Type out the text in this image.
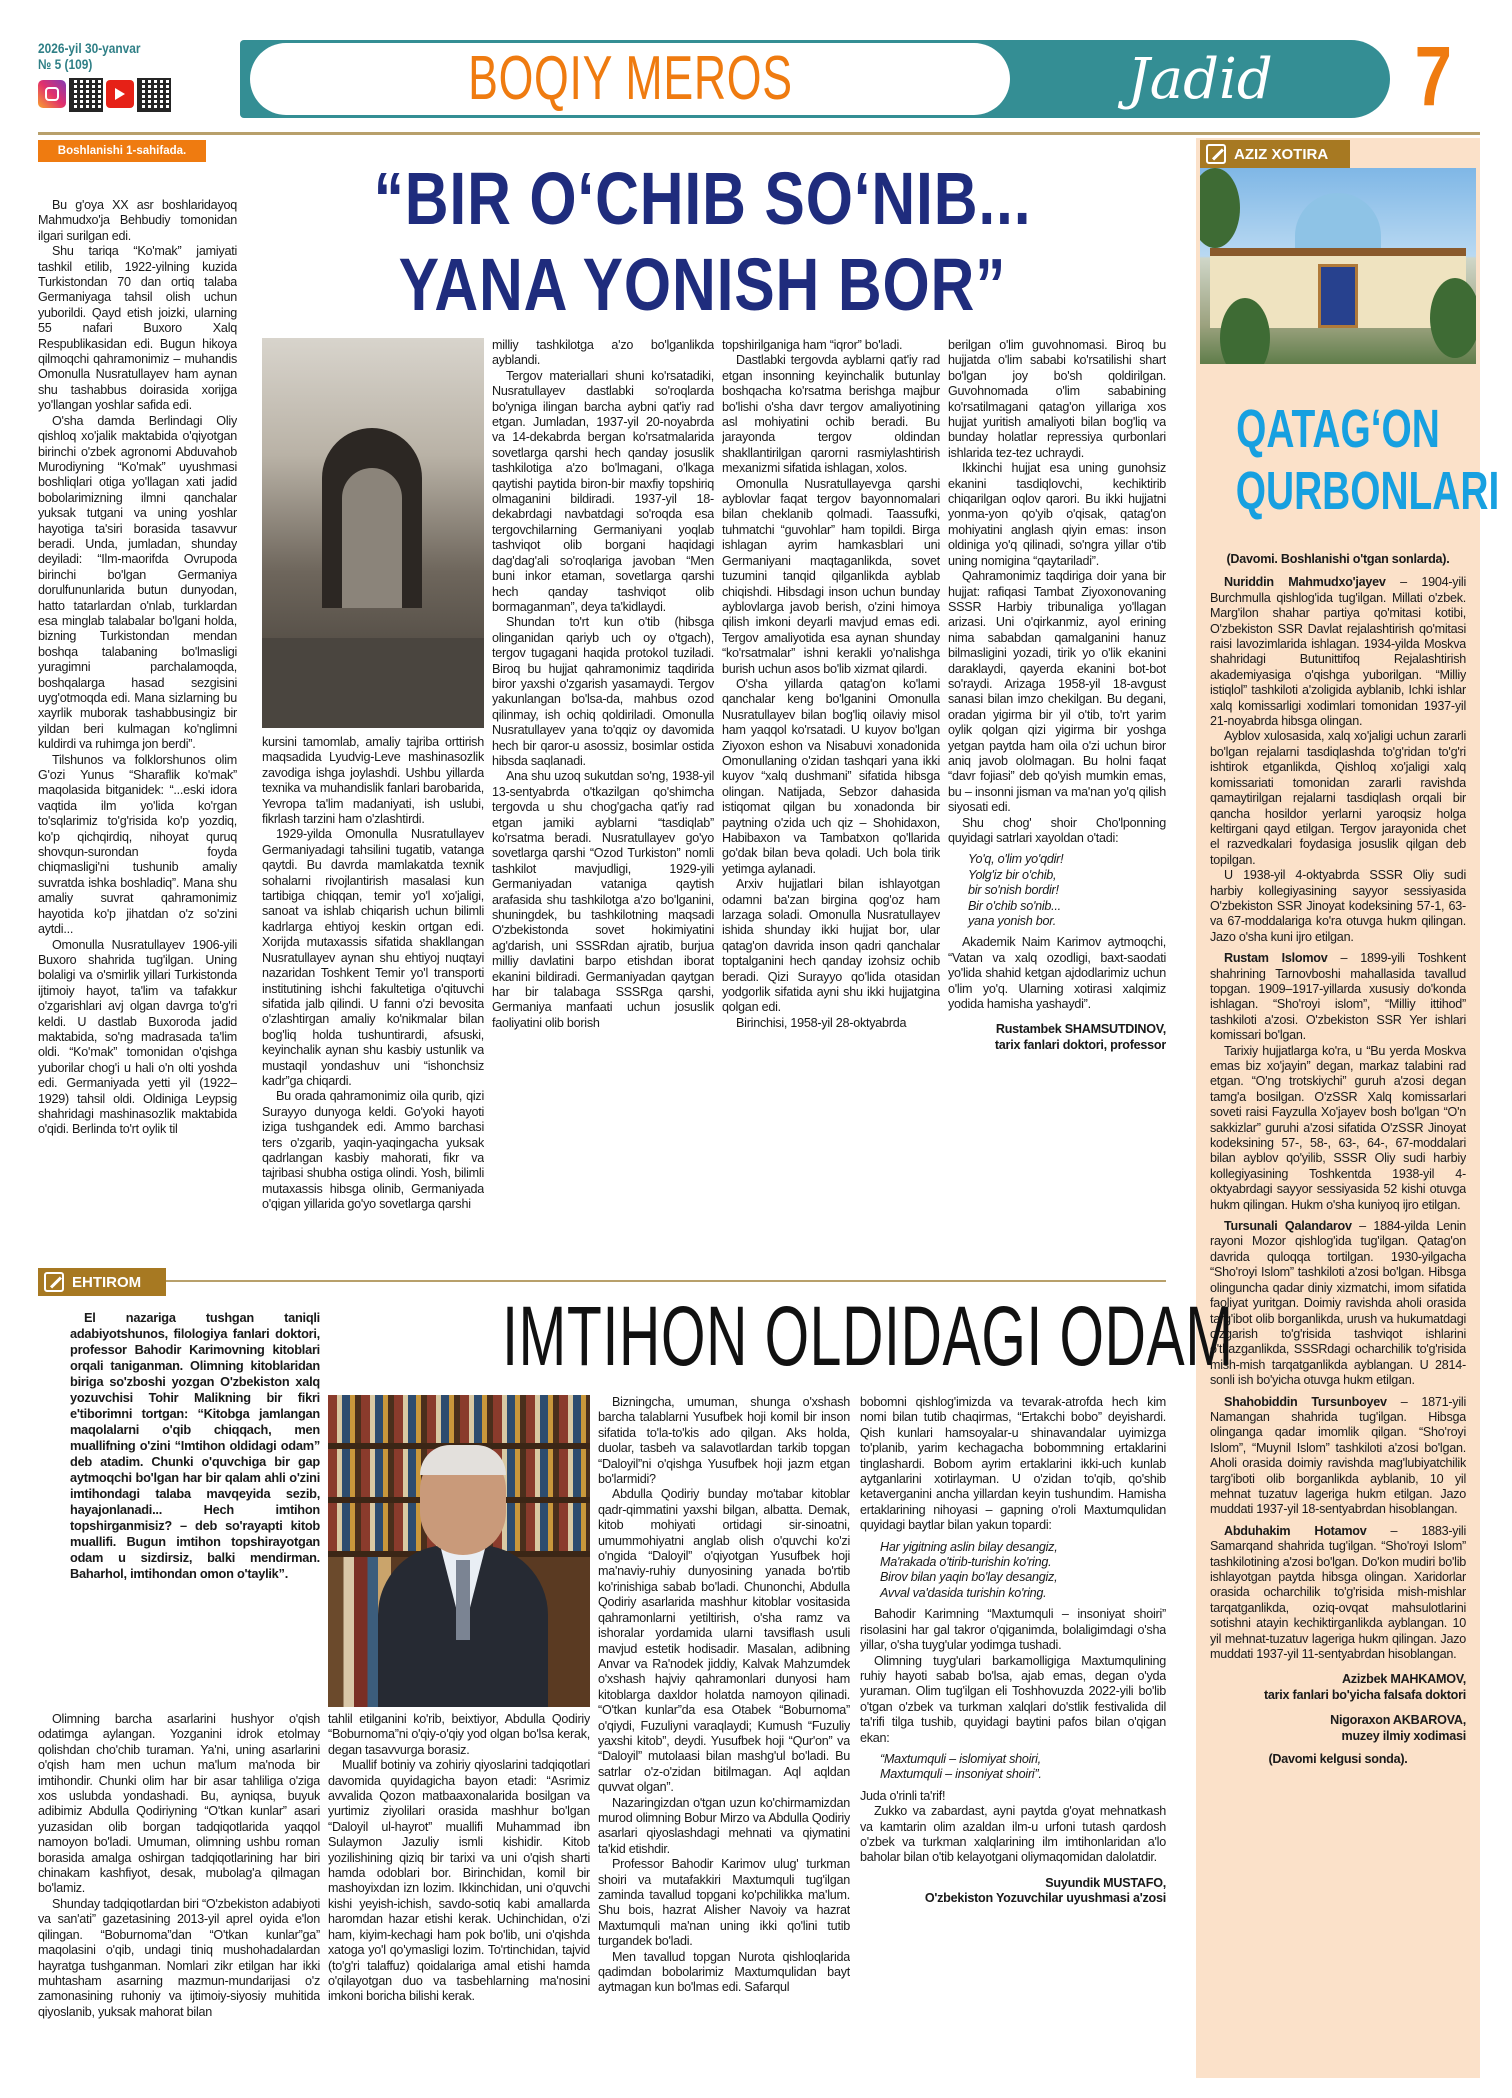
2026-yil 30-yanvar
№ 5 (109)	BOQIY MEROS	Jadid	7
Boshlanishi 1-sahifada.
“BIR O‘CHIB SO‘NIB...
YANA YONISH BOR”

Bu g'oya XX asr boshlaridayoq Mahmudxo'ja Behbudiy tomonidan ilgari surilgan edi.

Shu tariqa “Ko'mak” jamiyati tashkil etilib, 1922-yilning kuzida Turkistondan 70 dan ortiq talaba Germaniyaga tahsil olish uchun yuborildi. Qayd etish joizki, ularning 55 nafari Buxoro Xalq Respublikasidan edi. Bugun hikoya qilmoqchi qahramonimiz – muhandis Omonulla Nusratullayev ham aynan shu tashabbus doirasida xorijga yo'llangan yoshlar safida edi.

O'sha damda Berlindagi Oliy qishloq xo'jalik maktabida o'qiyotgan birinchi o'zbek agronomi Abduvahob Murodiyning “Ko'mak” uyushmasi boshliqlari otiga yo'llagan xati jadid bobolarimizning ilmni qanchalar yuksak tutgani va uning yoshlar hayotiga ta'siri borasida tasavvur beradi. Unda, jumladan, shunday deyiladi: “Ilm-maorifda Ovrupoda birinchi bo'lgan Germaniya dorulfununlarida butun dunyodan, hatto tatarlardan o'nlab, turklardan esa minglab talabalar bo'lgani holda, bizning Turkistondan mendan boshqa talabaning bo'lmasligi yuragimni parchalamoqda, boshqalarga hasad sezgisini uyg'otmoqda edi. Mana sizlarning bu xayrlik muborak tashabbusingiz bir yildan beri kulmagan ko'nglimni kuldirdi va ruhimga jon berdi”.

Tilshunos va folklorshunos olim G'ozi Yunus “Sharaflik ko'mak” maqolasida bitganidek: “...eski idora vaqtida ilm yo'lida ko'rgan to'sqlarimiz to'g'risida ko'p yozdiq, ko'p qichqirdiq, nihoyat quruq shovqun-surondan foyda chiqmasligi'ni tushunib amaliy suvratda ishka boshladiq”. Mana shu amaliy suvrat qahramonimiz hayotida ko'p jihatdan o'z so'zini aytdi...

Omonulla Nusratullayev 1906-yili Buxoro shahrida tug'ilgan. Uning bolaligi va o'smirlik yillari Turkistonda ijtimoiy hayot, ta'lim va tafakkur o'zgarishlari avj olgan davrga to'g'ri keldi. U dastlab Buxoroda jadid maktabida, so'ng madrasada ta'lim oldi. “Ko'mak” tomonidan o'qishga yuborilar chog'i u hali o'n olti yoshda edi. Germaniyada yetti yil (1922–1929) tahsil oldi. Oldiniga Leypsig shahridagi mashinasozlik maktabida o'qidi. Berlinda to'rt oylik til

kursini tamomlab, amaliy tajriba orttirish maqsadida Lyudvig-Leve mashinasozlik zavodiga ishga joylashdi. Ushbu yillarda texnika va muhandislik fanlari barobarida, Yevropa ta'lim madaniyati, ish uslubi, fikrlash tarzini ham o'zlashtirdi.

1929-yilda Omonulla Nusratullayev Germaniyadagi tahsilini tugatib, vatanga qaytdi. Bu davrda mamlakatda texnik sohalarni rivojlantirish masalasi kun tartibiga chiqqan, temir yo'l xo'jaligi, sanoat va ishlab chiqarish uchun bilimli kadrlarga ehtiyoj keskin ortgan edi. Xorijda mutaxassis sifatida shakllangan Nusratullayev aynan shu ehtiyoj nuqtayi nazaridan Toshkent Temir yo'l transporti institutining ishchi fakultetiga o'qituvchi sifatida jalb qilindi. U fanni o'zi bevosita o'zlashtirgan amaliy ko'nikmalar bilan bog'liq holda tushuntirardi, afsuski, keyinchalik aynan shu kasbiy ustunlik va mustaqil yondashuv uni “ishonchsiz kadr”ga chiqardi.

Bu orada qahramonimiz oila qurib, qizi Surayyo dunyoga keldi. Go'yoki hayoti iziga tushgandek edi. Ammo barchasi ters o'zgarib, yaqin-yaqingacha yuksak qadrlangan kasbiy mahorati, fikr va tajribasi shubha ostiga olindi. Yosh, bilimli mutaxassis hibsga olinib, Germaniyada o'qigan yillarida go'yo sovetlarga qarshi

milliy tashkilotga a'zo bo'lganlikda ayblandi.

Tergov materiallari shuni ko'rsatadiki, Nusratullayev dastlabki so'roqlarda bo'yniga ilingan barcha aybni qat'iy rad etgan. Jumladan, 1937-yil 20-noyabrda va 14-dekabrda bergan ko'rsatmalarida sovetlarga qarshi hech qanday josuslik tashkilotiga a'zo bo'lmagani, o'lkaga qaytishi paytida biron-bir maxfiy topshiriq olmaganini bildiradi. 1937-yil 18-dekabrdagi navbatdagi so'roqda esa tergovchilarning Germaniyani yoqlab tashviqot olib borgani haqidagi dag'dag'ali so'roqlariga javoban “Men buni inkor etaman, sovetlarga qarshi hech qanday tashviqot olib bormaganman”, deya ta'kidlaydi.

Shundan to'rt kun o'tib (hibsga olinganidan qariyb uch oy o'tgach), tergov tugagani haqida protokol tuziladi. Biroq bu hujjat qahramonimiz taqdirida biror yaxshi o'zgarish yasamaydi. Tergov yakunlangan bo'lsa-da, mahbus ozod qilinmay, ish ochiq qoldiriladi. Omonulla Nusratullayev yana to'qqiz oy davomida hech bir qaror-u asossiz, bosimlar ostida hibsda saqlanadi.

Ana shu uzoq sukutdan so'ng, 1938-yil 13-sentyabrda o'tkazilgan qo'shimcha tergovda u shu chog'gacha qat'iy rad etgan jamiki ayblarni “tasdiqlab” ko'rsatma beradi. Nusratullayev go'yo sovetlarga qarshi “Ozod Turkiston” nomli tashkilot mavjudligi, 1929-yili Germaniyadan vataniga qaytish arafasida shu tashkilotga a'zo bo'lganini, shuningdek, bu tashkilotning maqsadi O'zbekistonda sovet hokimiyatini ag'darish, uni SSSRdan ajratib, burjua milliy davlatini barpo etishdan iborat ekanini bildiradi. Germaniyadan qaytgan har bir talabaga SSSRga qarshi, Germaniya manfaati uchun josuslik faoliyatini olib borish

topshirilganiga ham “iqror” bo'ladi.

Dastlabki tergovda ayblarni qat'iy rad etgan insonning keyinchalik butunlay boshqacha ko'rsatma berishga majbur bo'lishi o'sha davr tergov amaliyotining asl mohiyatini ochib beradi. Bu jarayonda tergov oldindan shakllantirilgan qarorni rasmiylashtirish mexanizmi sifatida ishlagan, xolos.

Omonulla Nusratullayevga qarshi ayblovlar faqat tergov bayonnomalari bilan cheklanib qolmadi. Taassufki, tuhmatchi “guvohlar” ham topildi. Birga ishlagan ayrim hamkasblari uni Germaniyani maqtaganlikda, sovet tuzumini tanqid qilganlikda ayblab chiqishdi. Hibsdagi inson uchun bunday ayblovlarga javob berish, o'zini himoya qilish imkoni deyarli mavjud emas edi. Tergov amaliyotida esa aynan shunday “ko'rsatmalar” ishni kerakli yo'nalishga burish uchun asos bo'lib xizmat qilardi.

O'sha yillarda qatag'on ko'lami qanchalar keng bo'lganini Omonulla Nusratullayev bilan bog'liq oilaviy misol ham yaqqol ko'rsatadi. U kuyov bo'lgan Ziyoxon eshon va Nisabuvi xonadonida Omonullaning o'zidan tashqari yana ikki kuyov “xalq dushmani” sifatida hibsga olingan. Natijada, Sebzor dahasida istiqomat qilgan bu xonadonda bir paytning o'zida uch qiz – Shohidaxon, Habibaxon va Tambatxon qo'llarida go'dak bilan beva qoladi. Uch bola tirik yetimga aylanadi.

Arxiv hujjatlari bilan ishlayotgan odamni ba'zan birgina qog'oz ham larzaga soladi. Omonulla Nusratullayev ishida shunday ikki hujjat bor, ular qatag'on davrida inson qadri qanchalar toptalganini hech qanday izohsiz ochib beradi. Qizi Surayyo qo'lida otasidan yodgorlik sifatida ayni shu ikki hujjatgina qolgan edi.

Birinchisi, 1958-yil 28-oktyabrda

berilgan o'lim guvohnomasi. Biroq bu hujjatda o'lim sababi ko'rsatilishi shart bo'lgan joy bo'sh qoldirilgan. Guvohnomada o'lim sababining ko'rsatilmagani qatag'on yillariga xos hujjat yuritish amaliyoti bilan bog'liq va bunday holatlar repressiya qurbonlari ishlarida tez-tez uchraydi.

Ikkinchi hujjat esa uning gunohsiz ekanini tasdiqlovchi, kechiktirib chiqarilgan oqlov qarori. Bu ikki hujjatni yonma-yon qo'yib o'qisak, qatag'on mohiyatini anglash qiyin emas: inson oldiniga yo'q qilinadi, so'ngra yillar o'tib uning nomigina “qaytariladi”.

Qahramonimiz taqdiriga doir yana bir hujjat: rafiqasi Tambat Ziyoxonovaning SSSR Harbiy tribunaliga yo'llagan arizasi. Uni o'qirkanmiz, ayol erining nima sababdan qamalganini hanuz bilmasligini yozadi, tirik yo o'lik ekanini daraklaydi, qayerda ekanini bot-bot so'raydi. Arizaga 1958-yil 18-avgust sanasi bilan imzo chekilgan. Bu degani, oradan yigirma bir yil o'tib, to'rt yarim oylik qolgan qizi yigirma bir yoshga yetgan paytda ham oila o'zi uchun biror aniq javob ololmagan. Bu holni faqat “davr fojiasi” deb qo'yish mumkin emas, bu – insonni jisman va ma'nan yo'q qilish siyosati edi.

Shu chog' shoir Cho'lponning quyidagi satrlari xayoldan o'tadi:

Yo'q, o'lim yo'qdir!
Yolg'iz bir o'chib,
bir so'nish bordir!
Bir o'chib so'nib...
yana yonish bor.

Akademik Naim Karimov aytmoqchi, “Vatan va xalq ozodligi, baxt-saodati yo'lida shahid ketgan ajdodlarimiz uchun o'lim yo'q. Ularning xotirasi xalqimiz yodida hamisha yashaydi”.

Rustambek SHAMSUTDINOV,
tarix fanlari doktori, professor

AZIZ XOTIRA
QATAG‘ON
QURBONLARI

(Davomi. Boshlanishi o'tgan sonlarda).

Nuriddin Mahmudxo'jayev – 1904-yili Burchmulla qishlog'ida tug'ilgan. Millati o'zbek. Marg'ilon shahar partiya qo'mitasi kotibi, O'zbekiston SSR Davlat rejalashtirish qo'mitasi raisi lavozimlarida ishlagan. 1934-yilda Moskva shahridagi Butunittifoq Rejalashtirish akademiyasiga o'qishga yuborilgan. “Milliy istiqlol” tashkiloti a'zoligida ayblanib, Ichki ishlar xalq komissarligi xodimlari tomonidan 1937-yil 21-noyabrda hibsga olingan.

Ayblov xulosasida, xalq xo'jaligi uchun zararli bo'lgan rejalarni tasdiqlashda to'g'ridan to'g'ri ishtirok etganlikda, Qishloq xo'jaligi xalq komissariati tomonidan zararli ravishda qamaytirilgan rejalarni tasdiqlash orqali bir qancha hosildor yerlarni yaroqsiz holga keltirgani qayd etilgan. Tergov jarayonida chet el razvedkalari foydasiga josuslik qilgan deb topilgan.

U 1938-yil 4-oktyabrda SSSR Oliy sudi harbiy kollegiyasining sayyor sessiyasida O'zbekiston SSR Jinoyat kodeksining 57-1, 63- va 67-moddalariga ko'ra otuvga hukm qilingan. Jazo o'sha kuni ijro etilgan.

Rustam Islomov – 1899-yili Toshkent shahrining Tarnovboshi mahallasida tavallud topgan. 1909–1917-yillarda xususiy do'konda ishlagan. “Sho'royi islom”, “Milliy ittihod” tashkiloti a'zosi. O'zbekiston SSR Yer ishlari komissari bo'lgan.

Tarixiy hujjatlarga ko'ra, u “Bu yerda Moskva emas biz xo'jayin” degan, markaz talabini rad etgan. “O'ng trotskiychi” guruh a'zosi degan tamg'a bosilgan. O'zSSR Xalq komissarlari soveti raisi Fayzulla Xo'jayev bosh bo'lgan “O'n sakkizlar” guruhi a'zosi sifatida O'zSSR Jinoyat kodeksining 57-, 58-, 63-, 64-, 67-moddalari bilan ayblov qo'yilib, SSSR Oliy sudi harbiy kollegiyasining Toshkentda 1938-yil 4-oktyabrdagi sayyor sessiyasida 52 kishi otuvga hukm qilingan. Hukm o'sha kuniyoq ijro etilgan.

Tursunali Qalandarov – 1884-yilda Lenin rayoni Mozor qishlog'ida tug'ilgan. Qatag'on davrida quloqqa tortilgan. 1930-yilgacha “Sho'royi Islom” tashkiloti a'zosi bo'lgan. Hibsga olinguncha qadar diniy xizmatchi, imom sifatida faoliyat yuritgan. Doimiy ravishda aholi orasida targ'ibot olib borganlikda, urush va hukumatdagi o'zgarish to'g'risida tashviqot ishlarini o'tkazganlikda, SSSRdagi ocharchilik to'g'risida mish-mish tarqatganlikda ayblangan. U 2814-sonli ish bo'yicha otuvga hukm etilgan.

Shahobiddin Tursunboyev – 1871-yili Namangan shahrida tug'ilgan. Hibsga olinganga qadar imomlik qilgan. “Sho'royi Islom”, “Muynil Islom” tashkiloti a'zosi bo'lgan. Aholi orasida doimiy ravishda mag'lubiyatchilik targ'iboti olib borganlikda ayblanib, 10 yil mehnat tuzatuv lageriga hukm etilgan. Jazo muddati 1937-yil 18-sentyabrdan hisoblangan.

Abduhakim Hotamov – 1883-yili Samarqand shahrida tug'ilgan. “Sho'royi Islom” tashkilotining a'zosi bo'lgan. Do'kon mudiri bo'lib ishlayotgan paytda hibsga olingan. Xaridorlar orasida ocharchilik to'g'risida mish-mishlar tarqatganlikda, oziq-ovqat mahsulotlarini sotishni atayin kechiktirganlikda ayblangan. 10 yil mehnat-tuzatuv lageriga hukm qilingan. Jazo muddati 1937-yil 11-sentyabrdan hisoblangan.

Azizbek MAHKAMOV,
tarix fanlari bo'yicha falsafa doktori

Nigoraxon AKBAROVA,
muzey ilmiy xodimasi

(Davomi kelgusi sonda).

EHTIROM
IMTIHON OLDIDAGI ODAM

El nazariga tushgan taniqli adabiyotshunos, filologiya fanlari doktori, professor Bahodir Karimovning kitoblari orqali taniganman. Olimning kitoblaridan biriga so'zboshi yozgan O'zbekiston xalq yozuvchisi Tohir Malikning bir fikri e'tiborimni tortgan: “Kitobga jamlangan maqolalarni o'qib chiqqach, men muallifning o'zini “Imtihon oldidagi odam” deb atadim. Chunki o'quvchiga bir gap aytmoqchi bo'lgan har bir qalam ahli o'zini imtihondagi talaba mavqeyida sezib, hayajonlanadi... Hech imtihon topshirganmisiz? – deb so'rayapti kitob muallifi. Bugun imtihon topshirayotgan odam u sizdirsiz, balki mendirman. Baharhol, imtihondan omon o'taylik”.

Olimning barcha asarlarini hushyor o'qish odatimga aylangan. Yozganini idrok etolmay qolishdan cho'chib turaman. Ya'ni, uning asarlarini o'qish ham men uchun ma'lum ma'noda bir imtihondir. Chunki olim har bir asar tahliliga o'ziga xos uslubda yondashadi. Bu, ayniqsa, buyuk adibimiz Abdulla Qodiriyning “O'tkan kunlar” asari yuzasidan olib borgan tadqiqotlarida yaqqol namoyon bo'ladi. Umuman, olimning ushbu roman borasida amalga oshirgan tadqiqotlarining har biri chinakam kashfiyot, desak, mubolag'a qilmagan bo'lamiz.

Shunday tadqiqotlardan biri “O'zbekiston adabiyoti va san'ati” gazetasining 2013-yil aprel oyida e'lon qilingan. “Boburnoma”dan “O'tkan kunlar”ga” maqolasini o'qib, undagi tiniq mushohadalardan hayratga tushganman. Nomlari zikr etilgan har ikki muhtasham asarning mazmun-mundarijasi o'z zamonasining ruhoniy va ijtimoiy-siyosiy muhitida qiyoslanib, yuksak mahorat bilan

tahlil etilganini ko'rib, beixtiyor, Abdulla Qodiriy “Boburnoma”ni o'qiy-o'qiy yod olgan bo'lsa kerak, degan tasavvurga borasiz.

Muallif botiniy va zohiriy qiyoslarini tadqiqotlari davomida quyidagicha bayon etadi: “Asrimiz avvalida Qozon matbaaxonalarida bosilgan va yurtimiz ziyolilari orasida mashhur bo'lgan “Daloyil ul-hayrot” muallifi Muhammad ibn Sulaymon Jazuliy ismli kishidir. Kitob yozilishining qiziq bir tarixi va uni o'qish sharti hamda odoblari bor. Birinchidan, komil bir mashoyixdan izn lozim. Ikkinchidan, uni o'quvchi kishi yeyish-ichish, savdo-sotiq kabi amallarda haromdan hazar etishi kerak. Uchinchidan, o'zi ham, kiyim-kechagi ham pok bo'lib, uni o'qishda xatoga yo'l qo'ymasligi lozim. To'rtinchidan, tajvid (to'g'ri talaffuz) qoidalariga amal etishi hamda o'qilayotgan duo va tasbehlarning ma'nosini imkoni boricha bilishi kerak.

Bizningcha, umuman, shunga o'xshash barcha talablarni Yusufbek hoji komil bir inson sifatida to'la-to'kis ado qilgan. Aks holda, duolar, tasbeh va salavotlardan tarkib topgan “Daloyil”ni o'qishga Yusufbek hoji jazm etgan bo'larmidi?

Abdulla Qodiriy bunday mo'tabar kitoblar qadr-qimmatini yaxshi bilgan, albatta. Demak, kitob mohiyati ortidagi sir-sinoatni, umummohiyatni anglab olish o'quvchi ko'zi o'ngida “Daloyil” o'qiyotgan Yusufbek hoji ma'naviy-ruhiy dunyosining yanada bo'rtib ko'rinishiga sabab bo'ladi. Chunonchi, Abdulla Qodiriy asarlarida mashhur kitoblar vositasida qahramonlarni yetiltirish, o'sha ramz va ishoralar yordamida ularni tavsiflash usuli mavjud estetik hodisadir. Masalan, adibning Anvar va Ra'nodek jiddiy, Kalvak Mahzumdek o'xshash hajviy qahramonlari dunyosi ham kitoblarga daxldor holatda namoyon qilinadi. “O'tkan kunlar”da esa Otabek “Boburnoma” o'qiydi, Fuzuliyni varaqlaydi; Kumush “Fuzuliy yaxshi kitob”, deydi. Yusufbek hoji “Qur'on” va “Daloyil” mutolaasi bilan mashg'ul bo'ladi. Bu satrlar o'z-o'zidan bitilmagan. Aql aqldan quvvat olgan”.

Nazaringizdan o'tgan uzun ko'chirmamizdan murod olimning Bobur Mirzo va Abdulla Qodiriy asarlari qiyoslashdagi mehnati va qiymatini ta'kid etishdir.

Professor Bahodir Karimov ulug' turkman shoiri va mutafakkiri Maxtumquli tug'ilgan zaminda tavallud topgani ko'pchilikka ma'lum. Shu bois, hazrat Alisher Navoiy va hazrat Maxtumquli ma'nan uning ikki qo'lini tutib turgandek bo'ladi.

Men tavallud topgan Nurota qishloqlarida qadimdan bobolarimiz Maxtumqulidan bayt aytmagan kun bo'lmas edi. Safarqul

bobomni qishlog'imizda va tevarak-atrofda hech kim nomi bilan tutib chaqirmas, “Ertakchi bobo” deyishardi. Qish kunlari hamsoyalar-u shinavandalar uyimizga to'planib, yarim kechagacha bobommning ertaklarini tinglashardi. Bobom ayrim ertaklarini ikki-uch kunlab aytganlarini xotirlayman. U o'zidan to'qib, qo'shib ketaverganini ancha yillardan keyin tushundim. Hamisha ertaklarining nihoyasi – gapning o'roli Maxtumqulidan quyidagi baytlar bilan yakun topardi:

Har yigitning aslin bilay desangiz,
Ma'rakada o'tirib-turishin ko'ring.
Birov bilan yaqin bo'lay desangiz,
Avval va'dasida turishin ko'ring.

Bahodir Karimning “Maxtumquli – insoniyat shoiri” risolasini har gal takror o'qiganimda, bolaligimdagi o'sha yillar, o'sha tuyg'ular yodimga tushadi.

Olimning tuyg'ulari barkamolligiga Maxtumqulining ruhiy hayoti sabab bo'lsa, ajab emas, degan o'yda yuraman. Olim tug'ilgan eli Toshhovuzda 2022-yili bo'lib o'tgan o'zbek va turkman xalqlari do'stlik festivalida dil ta'rifi tilga tushib, quyidagi baytini pafos bilan o'qigan ekan:

“Maxtumquli – islomiyat shoiri,
Maxtumquli – insoniyat shoiri”.

Juda o'rinli ta'rif!

Zukko va zabardast, ayni paytda g'oyat mehnatkash va kamtarin olim azaldan ilm-u urfoni tutash qardosh o'zbek va turkman xalqlarining ilm imtihonlaridan a'lo baholar bilan o'tib kelayotgani oliymaqomidan dalolatdir.

Suyundik MUSTAFO,
O'zbekiston Yozuvchilar uyushmasi a'zosi
